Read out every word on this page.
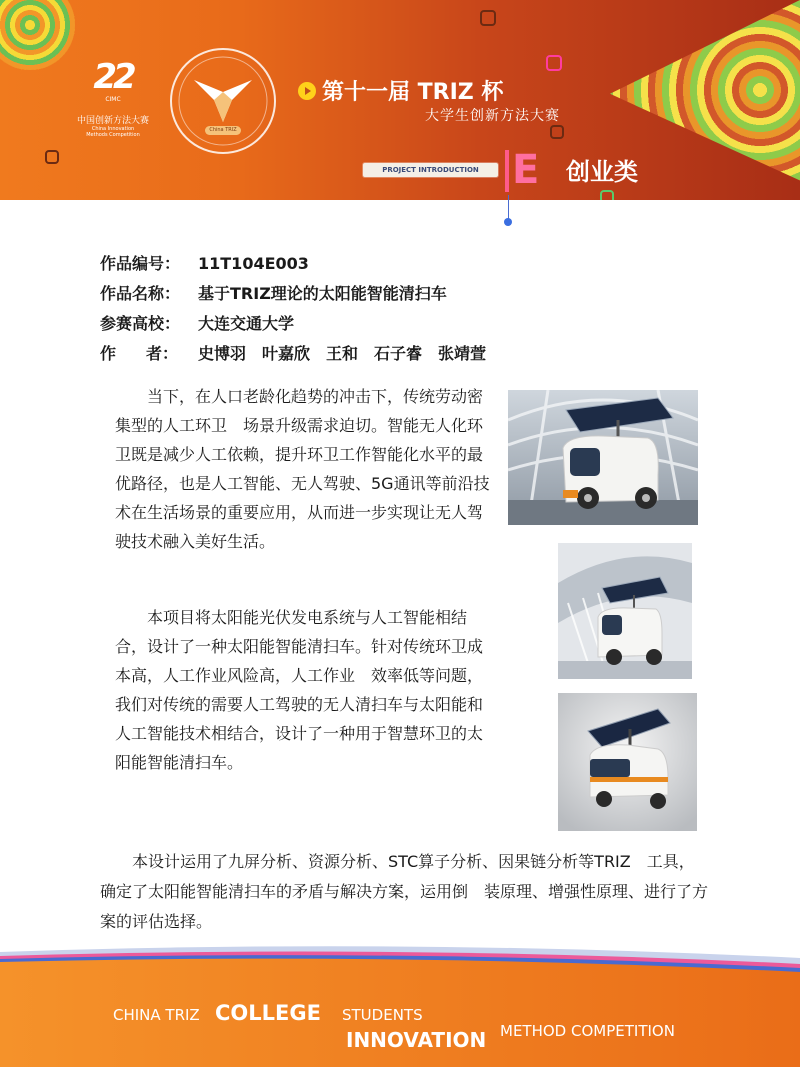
22
CIMC
中国创新方法大赛
China Innovation
Methods Competition
China TRIZ
第十一届 TRIZ 杯
大学生创新方法大赛
PROJECT INTRODUCTION E 创业类
作品编号： 11T104E003
作品名称： 基于TRIZ理论的太阳能智能清扫车
参赛高校： 大连交通大学
作 者： 史博羽　叶嘉欣　王和　石子睿　张靖萱

当下，在人口老龄化趋势的冲击下，传统劳动密集型的人工环卫　场景升级需求迫切。智能无人化环卫既是减少人工依赖，提升环卫工作智能化水平的最优路径，也是人工智能、无人驾驶、5G通讯等前沿技术在生活场景的重要应用，从而进一步实现让无人驾驶技术融入美好生活。

本项目将太阳能光伏发电系统与人工智能相结合，设计了一种太阳能智能清扫车。针对传统环卫成本高，人工作业风险高，人工作业　效率低等问题，我们对传统的需要人工驾驶的无人清扫车与太阳能和　人工智能技术相结合，设计了一种用于智慧环卫的太阳能智能清扫车。

本设计运用了九屏分析、资源分析、STC算子分析、因果链分析等TRIZ　工具，确定了太阳能智能清扫车的矛盾与解决方案，运用倒　装原理、增强性原理、进行了方案的评估选择。

CHINA TRIZ COLLEGE STUDENTS
INNOVATION METHOD COMPETITION
